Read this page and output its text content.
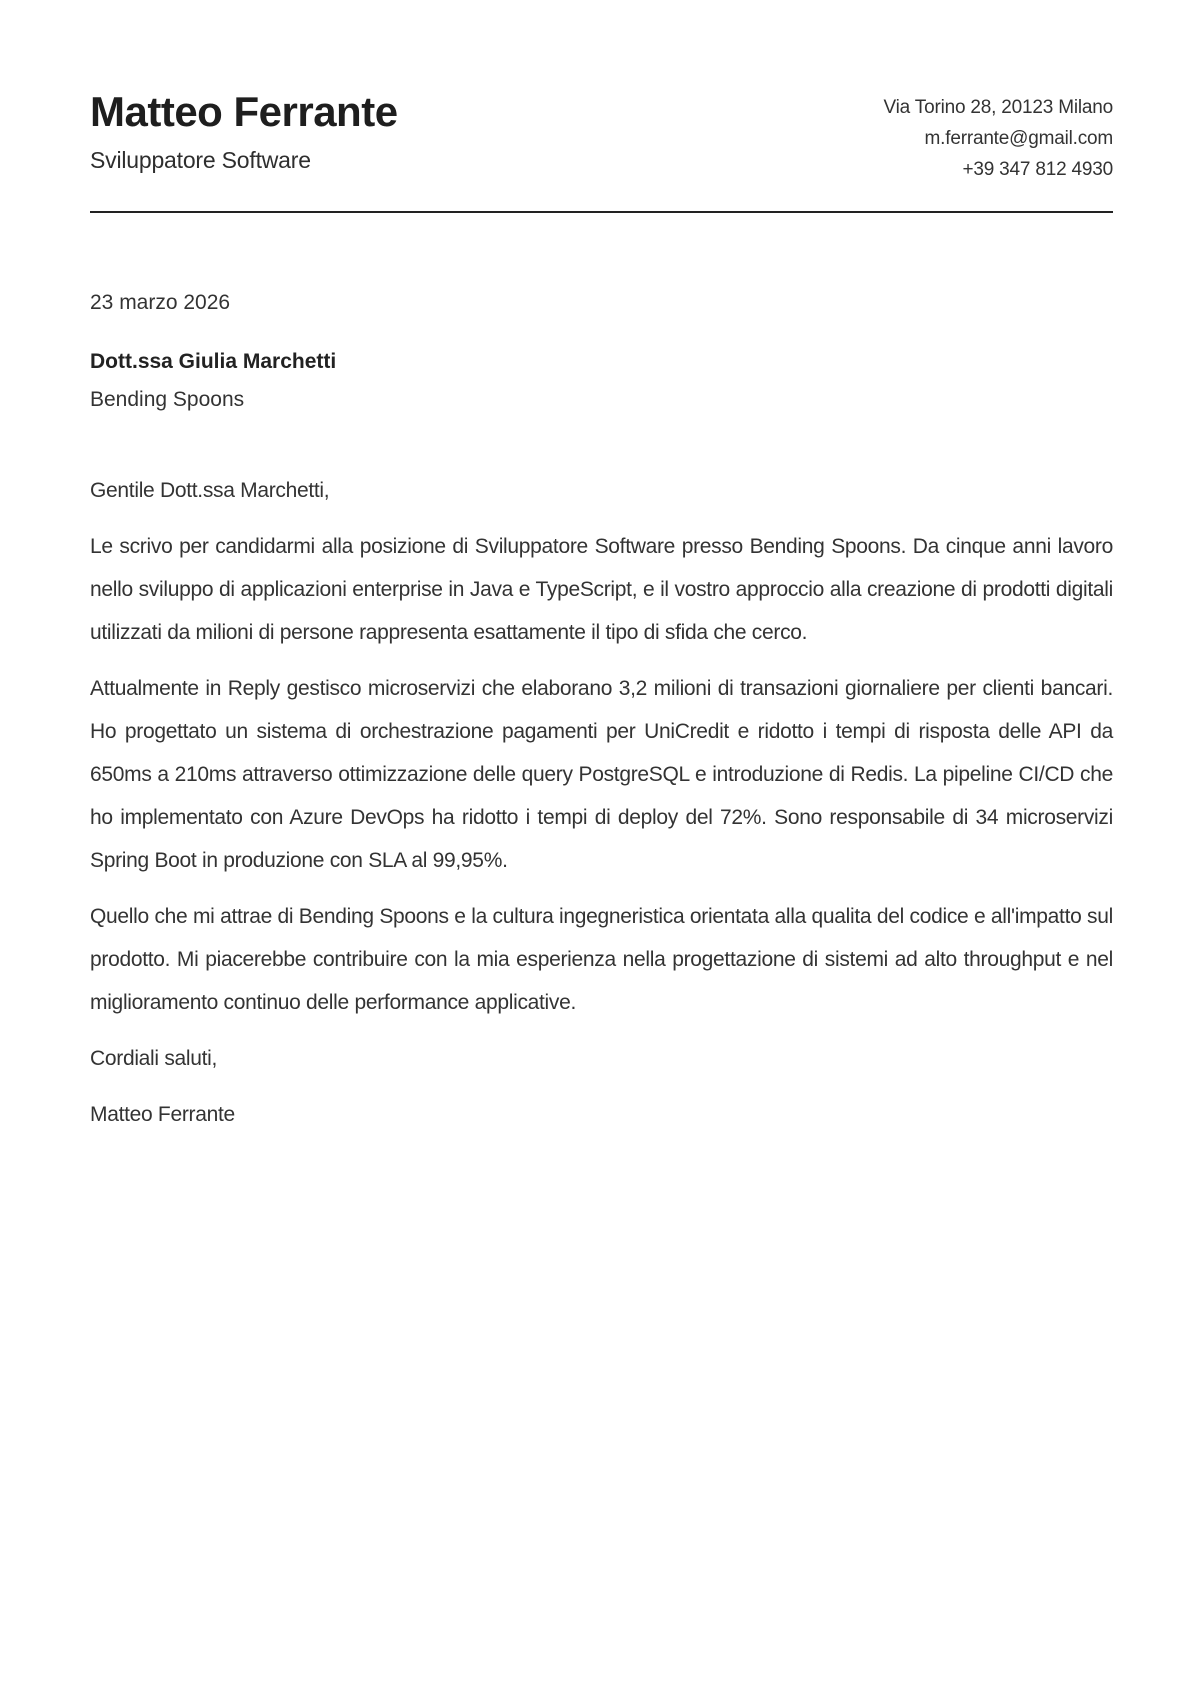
Matteo Ferrante
Sviluppatore Software
Via Torino 28, 20123 Milano
m.ferrante@gmail.com
+39 347 812 4930
23 marzo 2026
Dott.ssa Giulia Marchetti
Bending Spoons

Gentile Dott.ssa Marchetti,

Le scrivo per candidarmi alla posizione di Sviluppatore Software presso Bending Spoons. Da cinque anni lavoro nello sviluppo di applicazioni enterprise in Java e TypeScript, e il vostro approccio alla creazione di prodotti digitali utilizzati da milioni di persone rappresenta esattamente il tipo di sfida che cerco.

Attualmente in Reply gestisco microservizi che elaborano 3,2 milioni di transazioni giornaliere per clienti bancari. Ho progettato un sistema di orchestrazione pagamenti per UniCredit e ridotto i tempi di risposta delle API da 650ms a 210ms attraverso ottimizzazione delle query PostgreSQL e introduzione di Redis. La pipeline CI/CD che ho implementato con Azure DevOps ha ridotto i tempi di deploy del 72%. Sono responsabile di 34 microservizi Spring Boot in produzione con SLA al 99,95%.

Quello che mi attrae di Bending Spoons e la cultura ingegneristica orientata alla qualita del codice e all'impatto sul prodotto. Mi piacerebbe contribuire con la mia esperienza nella progettazione di sistemi ad alto throughput e nel miglioramento continuo delle performance applicative.

Cordiali saluti,

Matteo Ferrante
